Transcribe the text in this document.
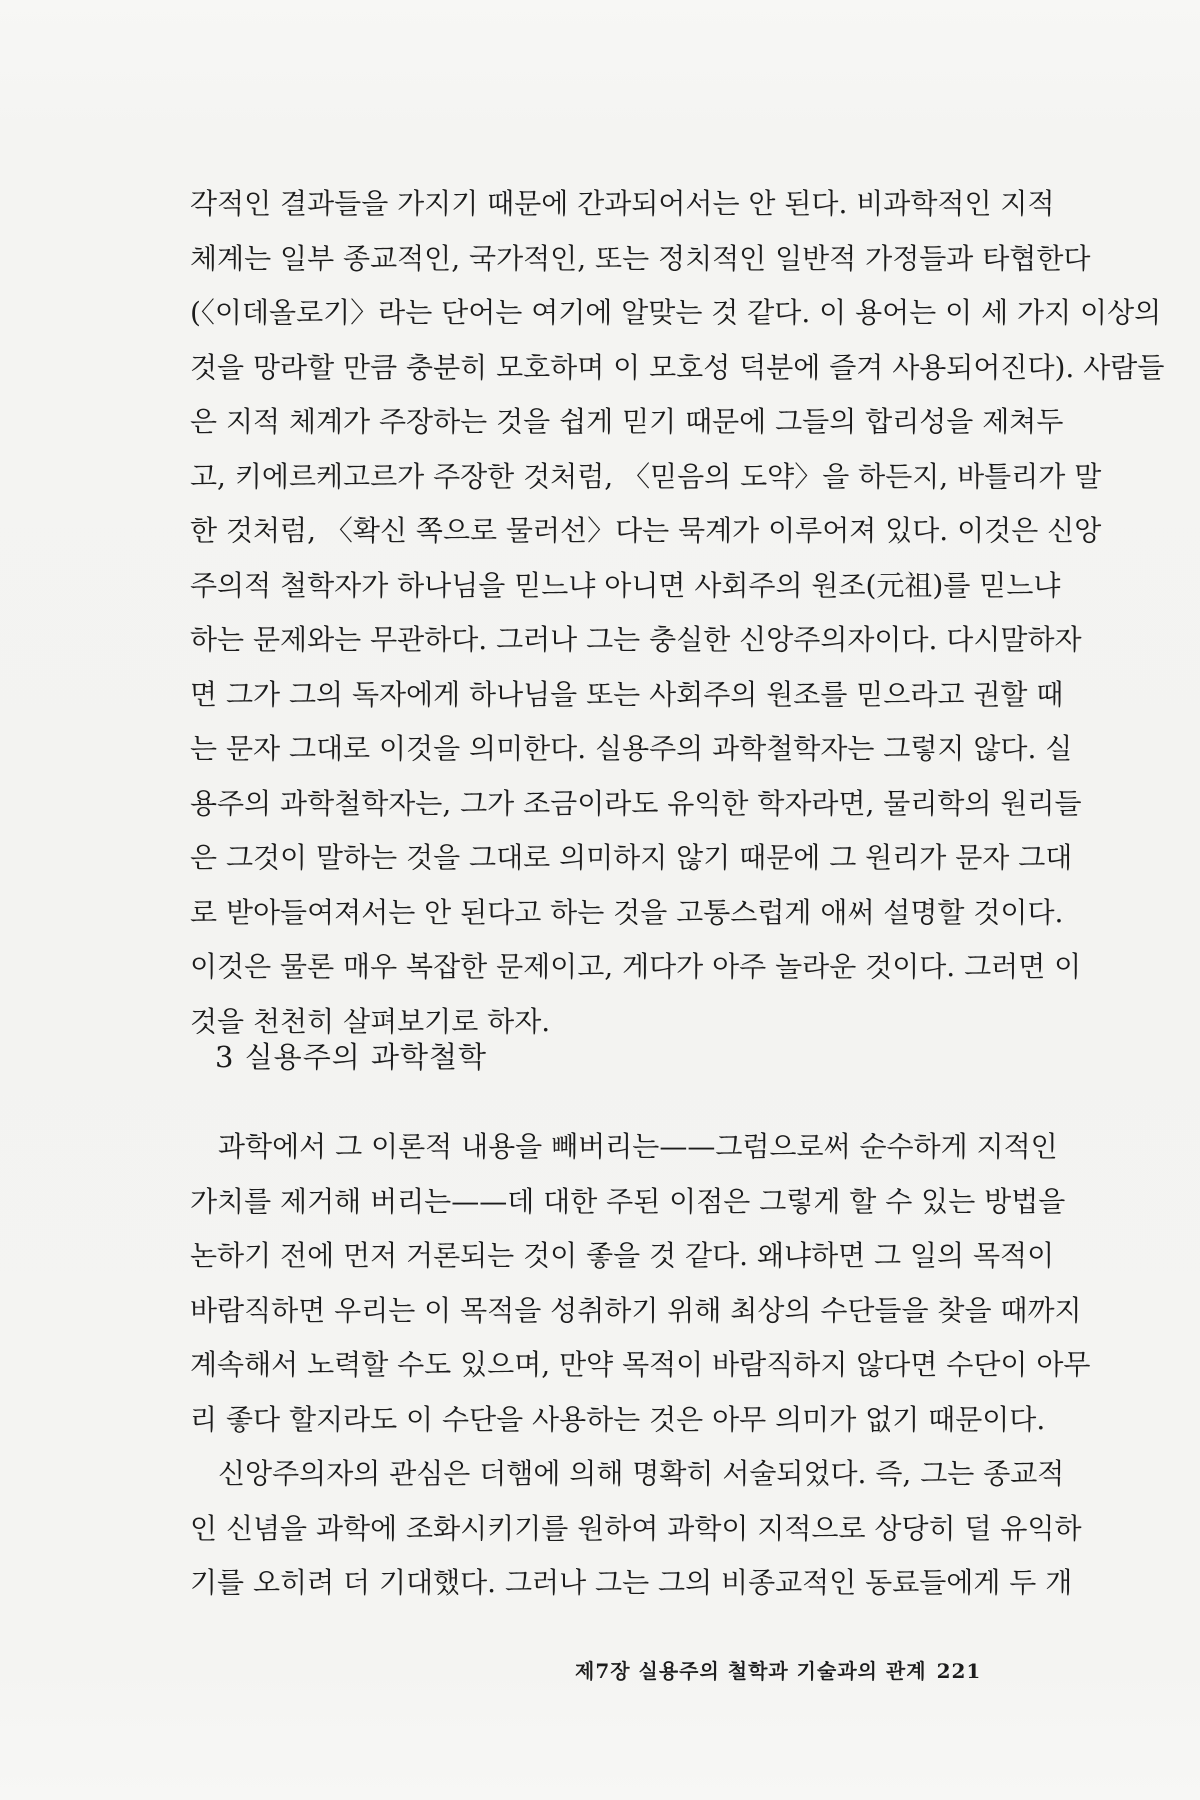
각적인 결과들을 가지기 때문에 간과되어서는 안 된다. 비과학적인 지적
체계는 일부 종교적인, 국가적인, 또는 정치적인 일반적 가정들과 타협한다
(〈이데올로기〉라는 단어는 여기에 알맞는 것 같다. 이 용어는 이 세 가지 이상의
것을 망라할 만큼 충분히 모호하며 이 모호성 덕분에 즐겨 사용되어진다). 사람들
은 지적 체계가 주장하는 것을 쉽게 믿기 때문에 그들의 합리성을 제쳐두
고, 키에르케고르가 주장한 것처럼, 〈믿음의 도약〉을 하든지, 바틀리가 말
한 것처럼, 〈확신 쪽으로 물러선〉다는 묵계가 이루어져 있다. 이것은 신앙
주의적 철학자가 하나님을 믿느냐 아니면 사회주의 원조(元祖)를 믿느냐
하는 문제와는 무관하다. 그러나 그는 충실한 신앙주의자이다. 다시말하자
면 그가 그의 독자에게 하나님을 또는 사회주의 원조를 믿으라고 권할 때
는 문자 그대로 이것을 의미한다. 실용주의 과학철학자는 그렇지 않다. 실
용주의 과학철학자는, 그가 조금이라도 유익한 학자라면, 물리학의 원리들
은 그것이 말하는 것을 그대로 의미하지 않기 때문에 그 원리가 문자 그대
로 받아들여져서는 안 된다고 하는 것을 고통스럽게 애써 설명할 것이다.
이것은 물론 매우 복잡한 문제이고, 게다가 아주 놀라운 것이다. 그러면 이
것을 천천히 살펴보기로 하자.

3 실용주의 과학철학

과학에서 그 이론적 내용을 빼버리는——그럼으로써 순수하게 지적인
가치를 제거해 버리는——데 대한 주된 이점은 그렇게 할 수 있는 방법을
논하기 전에 먼저 거론되는 것이 좋을 것 같다. 왜냐하면 그 일의 목적이
바람직하면 우리는 이 목적을 성취하기 위해 최상의 수단들을 찾을 때까지
계속해서 노력할 수도 있으며, 만약 목적이 바람직하지 않다면 수단이 아무
리 좋다 할지라도 이 수단을 사용하는 것은 아무 의미가 없기 때문이다.

신앙주의자의 관심은 더햄에 의해 명확히 서술되었다. 즉, 그는 종교적
인 신념을 과학에 조화시키기를 원하여 과학이 지적으로 상당히 덜 유익하
기를 오히려 더 기대했다. 그러나 그는 그의 비종교적인 동료들에게 두 개

제7장 실용주의 철학과 기술과의 관계 221
